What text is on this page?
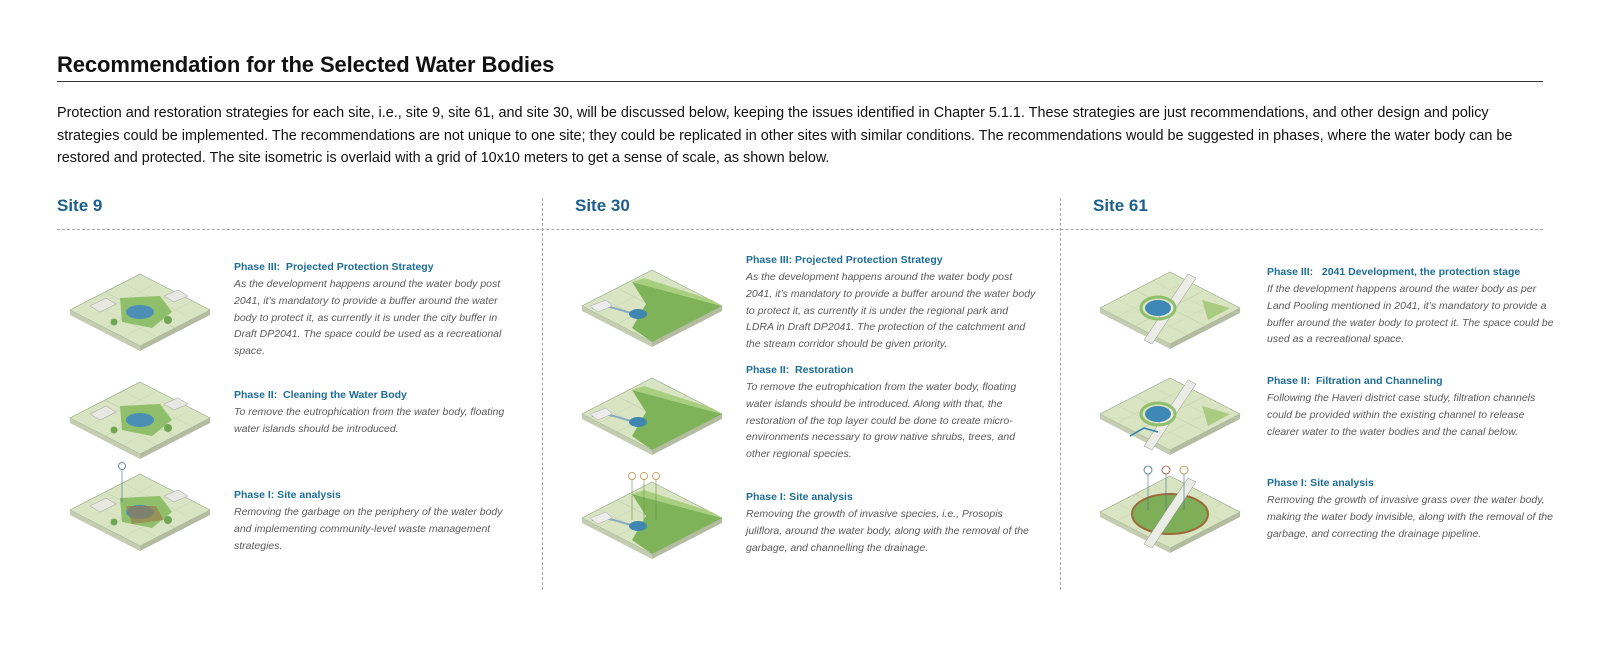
Recommendation for the Selected Water Bodies
Protection and restoration strategies for each site, i.e., site 9, site 61, and site 30, will be discussed below, keeping the issues identified in Chapter 5.1.1. These strategies are just recommendations, and other design and policy strategies could be implemented. The recommendations are not unique to one site; they could be replicated in other sites with similar conditions. The recommendations would be suggested in phases, where the water body can be restored and protected. The site isometric is overlaid with a grid of 10x10 meters to get a sense of scale, as shown below.
Site 9	Site 30	Site 61
Phase III:  Projected Protection Strategy
As the development happens around the water body post 2041, it’s mandatory to provide a buffer around the water body to protect it, as currently it is under the city buffer in Draft DP2041. The space could be used as a recreational space.
Phase II:  Cleaning the Water Body
To remove the eutrophication from the water body, floating water islands should be introduced.
Phase I: Site analysis
Removing the garbage on the periphery of the water body and implementing community-level waste management strategies.
Phase III: Projected Protection Strategy
As the development happens around the water body post 2041, it’s mandatory to provide a buffer around the water body to protect it, as currently it is under the regional park and LDRA in Draft DP2041. The protection of the catchment and the stream corridor should be given priority.
Phase II:  Restoration
To remove the eutrophication from the water body, floating water islands should be introduced. Along with that, the restoration of the top layer could be done to create micro-environments necessary to grow native shrubs, trees, and other regional species.
Phase I: Site analysis
Removing the growth of invasive species, i.e., Prosopis juliflora, around the water body, along with the removal of the garbage, and channelling the drainage.
Phase III:   2041 Development, the protection stage
If the development happens around the water body as per Land Pooling mentioned in 2041, it’s mandatory to provide a buffer around the water body to protect it. The space could be used as a recreational space.
Phase II:  Filtration and Channeling
Following the Haveri district case study, filtration channels could be provided within the existing channel to release clearer water to the water bodies and the canal below.
Phase I: Site analysis
Removing the growth of invasive grass over the water body, making the water body invisible, along with the removal of the garbage, and correcting the drainage pipeline.
